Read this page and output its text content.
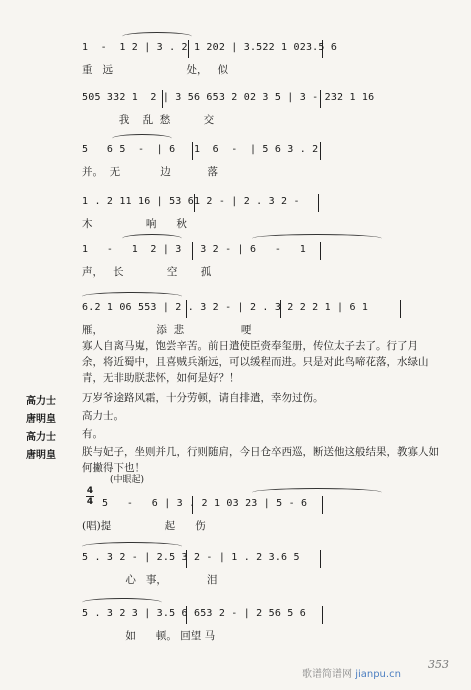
1  -  1 2 | 3 . 2 1 202 | 3.522 1 023.5 6
重   远                      处，   似
505 332 1  2 | 3 56 653 2 02 3 5 | 3 - 232 1 16
我    乱  愁          交
5   6 5  -  | 6   1  6  -  | 5 6 3 . 2
并。  无            边           落
1 . 2 11 16 | 53 61 2 - | 2 . 3 2 -
木                响      秋
1   -   1  2 | 3   3 2 - | 6   -   1
声，   长             空       孤
6.2 1 06 553 | 2 . 3 2 - | 2 . 3 2 2 2 1 | 6 1
雁，                添  悲                 哽
寡人自离马嵬，饱尝辛苦。前日遣使臣赍奉玺册，传位太子去了。行了月
余，将近蜀中，且喜贼兵渐远，可以缓程而进。只是对此鸟啼花落，水绿山
青，无非助朕悲怀，如何是好？！
高力士 万岁爷途路风霜，十分劳顿，请自排遣，幸勿过伤。
唐明皇 高力士。
高力士 有。
唐明皇 朕与妃子，坐则并几，行则随肩，今日仓卒西巡，断送他这般结果，教寡人如
何撇得下也！
(中眼起)
4
4 5   -   6 | 3 . 2 1 03 23 | 5 - 6
(唱)提                起      伤
5 . 3 2 - | 2.5 3 2 - | 1 . 2 3.6 5
心   事，            泪
5 . 3 2 3 | 3.5 6 653 2 - | 2 56 5 6
如      顿。 回望 马
歌谱简谱网 jianpu.cn
353
